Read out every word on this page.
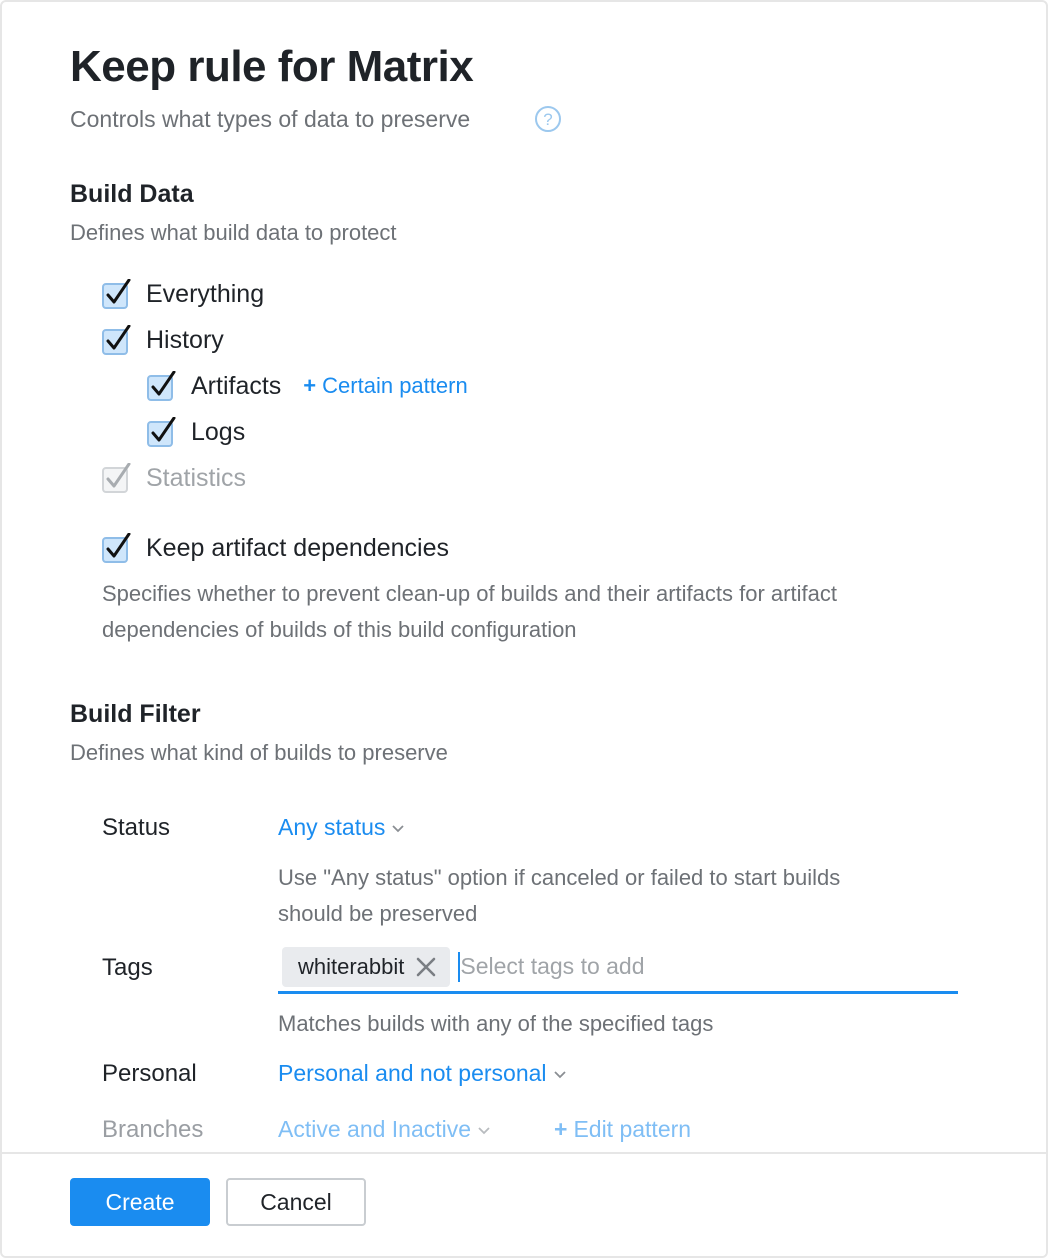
Keep rule for Matrix
Controls what types of data to preserve	?
Build Data
Defines what build data to protect
Everything
History
Artifacts + Certain pattern
Logs
Statistics
Keep artifact dependencies
Specifies whether to prevent clean-up of builds and their artifacts for artifact
dependencies of builds of this build configuration
Build Filter
Defines what kind of builds to preserve
Status	Any status
Use "Any status" option if canceled or failed to start builds
should be preserved
Tags	whiterabbit
Select tags to add
Matches builds with any of the specified tags
Personal	Personal and not personal
Branches	Active and Inactive	+ Edit pattern
Create	Cancel
